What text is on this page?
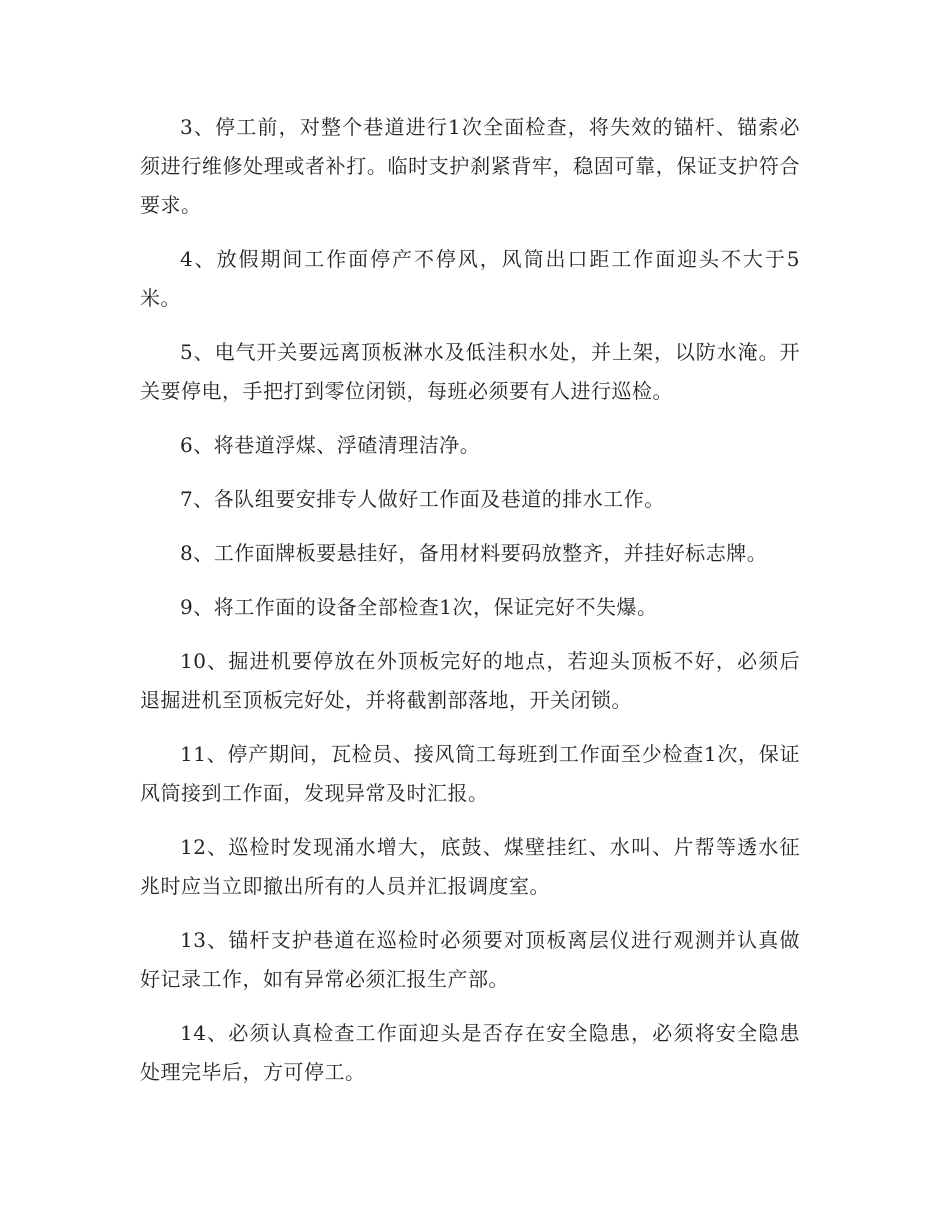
3、停工前，对整个巷道进行1次全面检查，将失效的锚杆、锚索必须进行维修处理或者补打。临时支护刹紧背牢，稳固可靠，保证支护符合要求。

4、放假期间工作面停产不停风，风筒出口距工作面迎头不大于5米。

5、电气开关要远离顶板淋水及低洼积水处，并上架，以防水淹。开关要停电，手把打到零位闭锁，每班必须要有人进行巡检。

6、将巷道浮煤、浮碴清理洁净。

7、各队组要安排专人做好工作面及巷道的排水工作。

8、工作面牌板要悬挂好，备用材料要码放整齐，并挂好标志牌。

9、将工作面的设备全部检查1次，保证完好不失爆。

10、掘进机要停放在外顶板完好的地点，若迎头顶板不好，必须后退掘进机至顶板完好处，并将截割部落地，开关闭锁。

11、停产期间，瓦检员、接风筒工每班到工作面至少检查1次，保证风筒接到工作面，发现异常及时汇报。

12、巡检时发现涌水增大，底鼓、煤壁挂红、水叫、片帮等透水征兆时应当立即撤出所有的人员并汇报调度室。

13、锚杆支护巷道在巡检时必须要对顶板离层仪进行观测并认真做好记录工作，如有异常必须汇报生产部。

14、必须认真检查工作面迎头是否存在安全隐患，必须将安全隐患处理完毕后，方可停工。
